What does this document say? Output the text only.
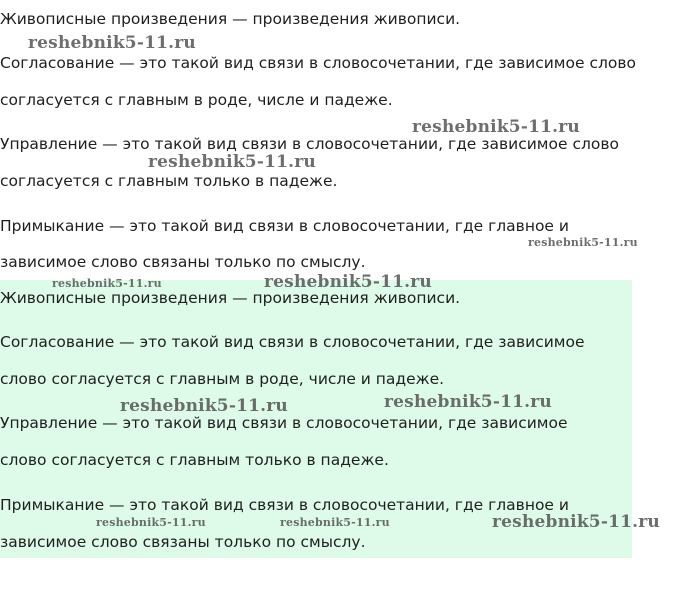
Живописные произведения — произведения живописи.
Согласование — это такой вид связи в словосочетании, где зависимое слово
согласуется с главным в роде, числе и падеже.
Управление — это такой вид связи в словосочетании, где зависимое слово
согласуется с главным только в падеже.
Примыкание — это такой вид связи в словосочетании, где главное и
зависимое слово связаны только по смыслу.
Живописные произведения — произведения живописи.
Согласование — это такой вид связи в словосочетании, где зависимое
слово согласуется с главным в роде, числе и падеже.
Управление — это такой вид связи в словосочетании, где зависимое
слово согласуется с главным только в падеже.
Примыкание — это такой вид связи в словосочетании, где главное и
зависимое слово связаны только по смыслу.
reshebnik5-11.ru
reshebnik5-11.ru
reshebnik5-11.ru
reshebnik5-11.ru
reshebnik5-11.ru	reshebnik5-11.ru
reshebnik5-11.ru	reshebnik5-11.ru
reshebnik5-11.ru	reshebnik5-11.ru	reshebnik5-11.ru
